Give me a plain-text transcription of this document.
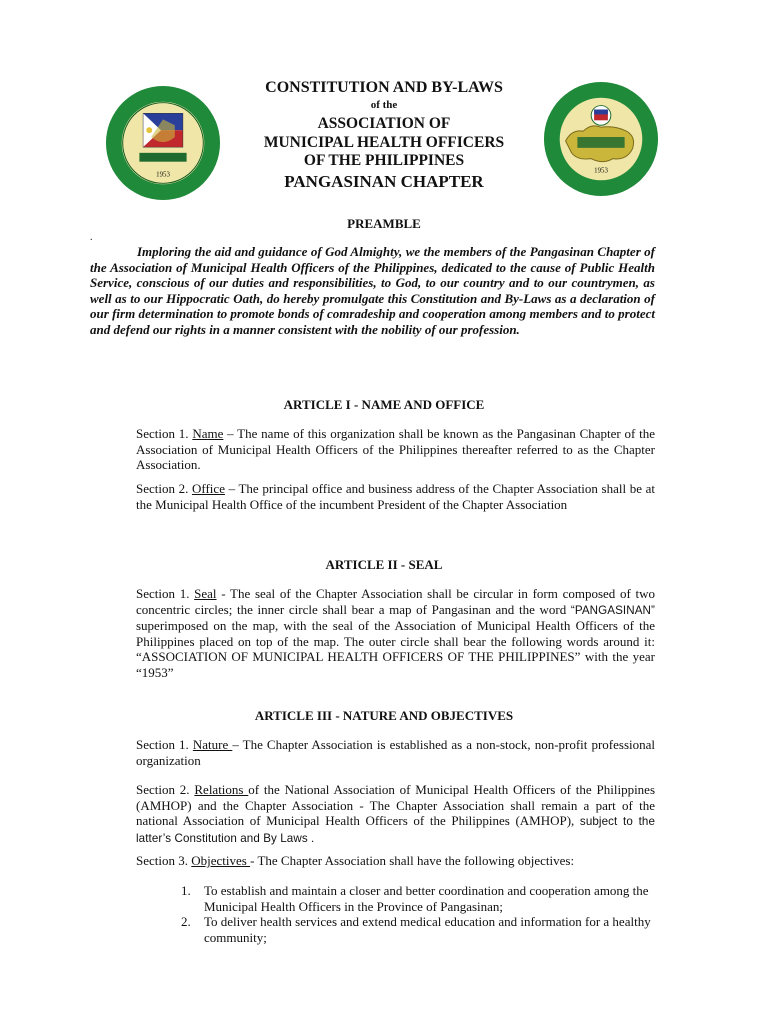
1953
1953
CONSTITUTION AND BY-LAWS
of the
ASSOCIATION OF
MUNICIPAL HEALTH OFFICERS
OF THE PHILIPPINES
PANGASINAN CHAPTER
PREAMBLE
.

Imploring the aid and guidance of God Almighty, we the members of the Pangasinan Chapter of the Association of Municipal Health Officers of the Philippines, dedicated to the cause of Public Health Service, conscious of our duties and responsibilities, to God, to our country and to our countrymen, as well as to our Hippocratic Oath, do hereby promulgate this Constitution and By-Laws as a declaration of our firm determination to promote bonds of comradeship and cooperation among members and to protect and defend our rights in a manner consistent with the nobility of our profession.

ARTICLE I - NAME AND OFFICE

Section 1. Name – The name of this organization shall be known as the Pangasinan Chapter of the Association of Municipal Health Officers of the Philippines thereafter referred to as the Chapter Association.

Section 2. Office – The principal office and business address of the Chapter Association shall be at the Municipal Health Office of the incumbent President of the Chapter Association

ARTICLE II - SEAL

Section 1. Seal - The seal of the Chapter Association shall be circular in form composed of two concentric circles; the inner circle shall bear a map of Pangasinan and the word “PANGASINAN” superimposed on the map, with the seal of the Association of Municipal Health Officers of the Philippines placed on top of the map. The outer circle shall bear the following words around it: “ASSOCIATION OF MUNICIPAL HEALTH OFFICERS OF THE PHILIPPINES” with the year “1953”

ARTICLE III - NATURE AND OBJECTIVES

Section 1. Nature – The Chapter Association is established as a non-stock, non-profit professional organization

Section 2. Relations of the National Association of Municipal Health Officers of the Philippines (AMHOP) and the Chapter Association - The Chapter Association shall remain a part of the national Association of Municipal Health Officers of the Philippines (AMHOP), subject to the latter’s Constitution and By Laws .

Section 3. Objectives - The Chapter Association shall have the following objectives:

1. To establish and maintain a closer and better coordination and cooperation among the Municipal Health Officers in the Province of Pangasinan;
2. To deliver health services and extend medical education and information for a healthy community;
